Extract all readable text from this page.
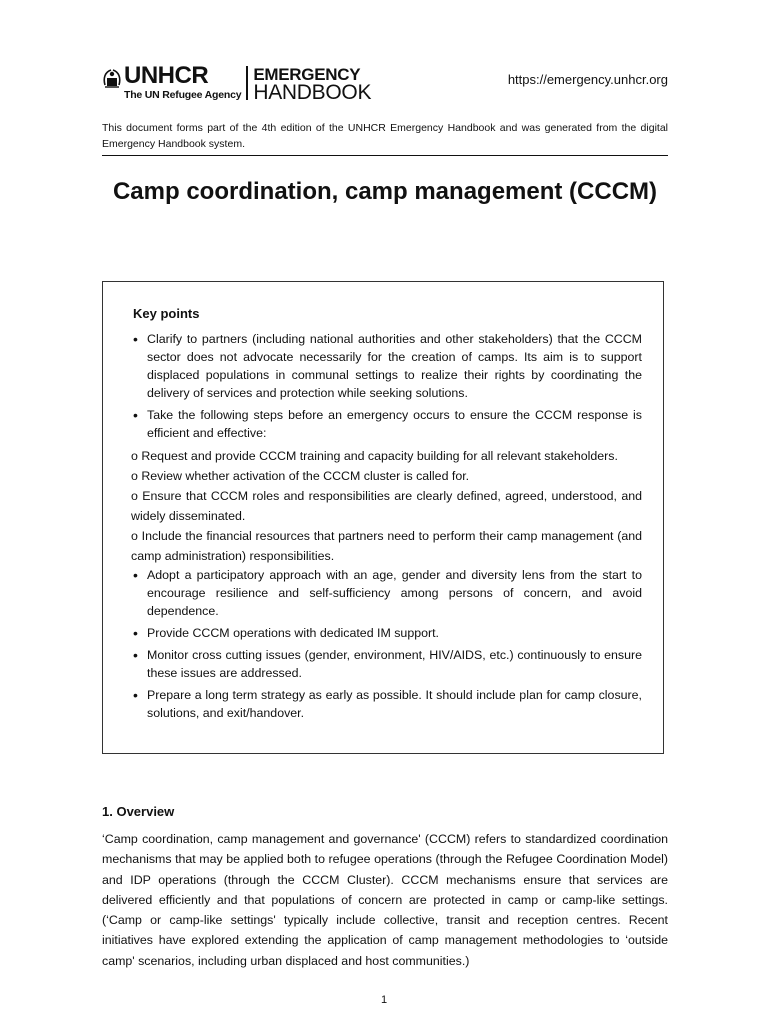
UNHCR
The UN Refugee Agency
EMERGENCY
HANDBOOK
https://emergency.unhcr.org

This document forms part of the 4th edition of the UNHCR Emergency Handbook and was generated from the digital Emergency Handbook system.

Camp coordination, camp management (CCCM)
Key points
• Clarify to partners (including national authorities and other stakeholders) that the CCCM sector does not advocate necessarily for the creation of camps. Its aim is to support displaced populations in communal settings to realize their rights by coordinating the delivery of services and protection while seeking solutions.
• Take the following steps before an emergency occurs to ensure the CCCM response is efficient and effective:

o Request and provide CCCM training and capacity building for all relevant stakeholders.

o Review whether activation of the CCCM cluster is called for.

o Ensure that CCCM roles and responsibilities are clearly defined, agreed, understood, and widely disseminated.

o Include the financial resources that partners need to perform their camp management (and camp administration) responsibilities.

• Adopt a participatory approach with an age, gender and diversity lens from the start to encourage resilience and self-sufficiency among persons of concern, and avoid dependence.
• Provide CCCM operations with dedicated IM support.
• Monitor cross cutting issues (gender, environment, HIV/AIDS, etc.) continuously to ensure these issues are addressed.
• Prepare a long term strategy as early as possible. It should include plan for camp closure, solutions, and exit/handover.
1. Overview

‘Camp coordination, camp management and governance' (CCCM) refers to standardized coordination mechanisms that may be applied both to refugee operations (through the Refugee Coordination Model) and IDP operations (through the CCCM Cluster). CCCM mechanisms ensure that services are delivered efficiently and that populations of concern are protected in camp or camp-like settings. (‘Camp or camp-like settings' typically include collective, transit and reception centres. Recent initiatives have explored extending the application of camp management methodologies to ‘outside camp' scenarios, including urban displaced and host communities.)

1
